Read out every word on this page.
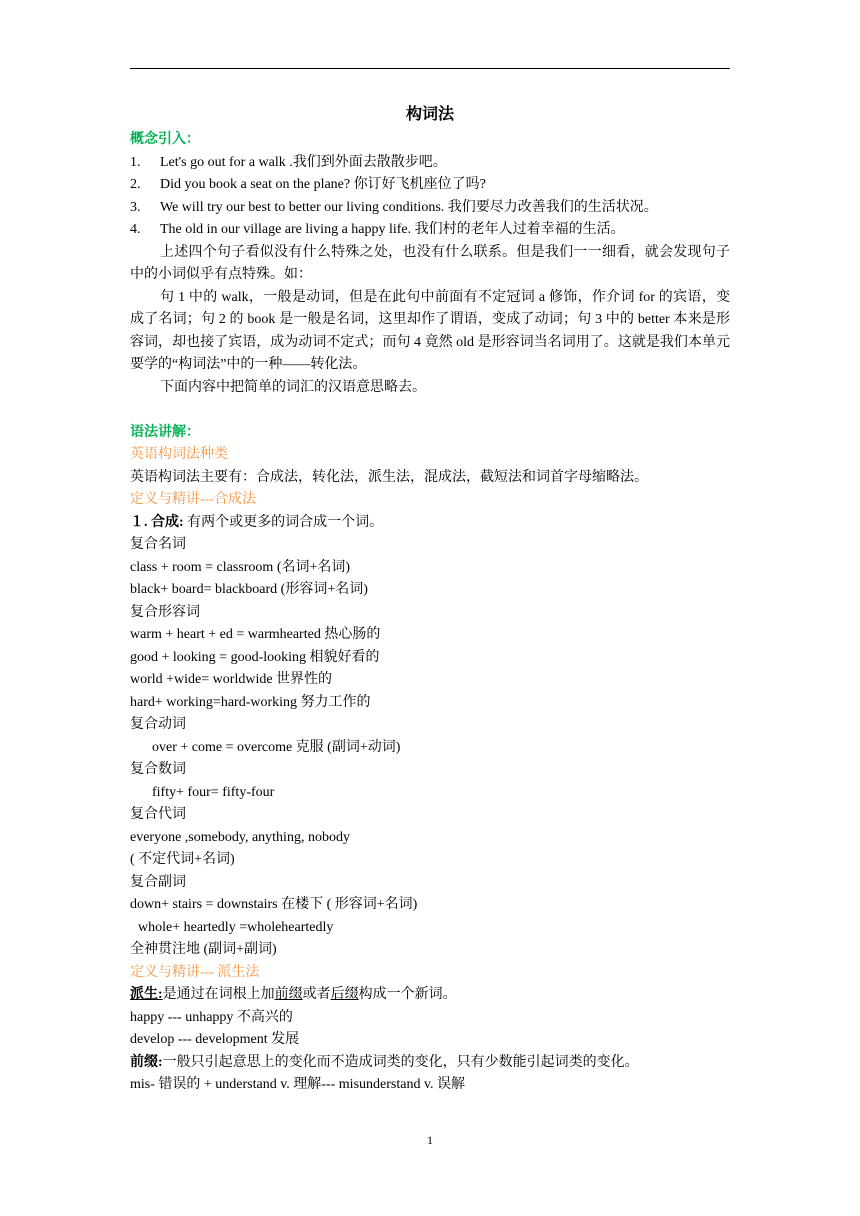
构词法

概念引入：

1. Let's go out for a walk .我们到外面去散散步吧。

2. Did you book a seat on the plane? 你订好飞机座位了吗?

3. We will try our best to better our living conditions. 我们要尽力改善我们的生活状况。

4. The old in our village are living a happy life. 我们村的老年人过着幸福的生活。

上述四个句子看似没有什么特殊之处，也没有什么联系。但是我们一一细看，就会发现句子中的小词似乎有点特殊。如：

句 1 中的 walk，一般是动词，但是在此句中前面有不定冠词 a 修饰，作介词 for 的宾语，变成了名词；句 2 的 book 是一般是名词，这里却作了谓语，变成了动词；句 3 中的 better 本来是形容词，却也接了宾语，成为动词不定式；而句 4 竟然 old 是形容词当名词用了。这就是我们本单元要学的“构词法”中的一种——转化法。

下面内容中把简单的词汇的汉语意思略去。

语法讲解：

英语构词法种类

英语构词法主要有：合成法，转化法，派生法，混成法，截短法和词首字母缩略法。

定义与精讲---合成法

１. 合成: 有两个或更多的词合成一个词。

复合名词

class + room = classroom (名词+名词)

black+ board= blackboard (形容词+名词)

复合形容词

warm + heart + ed = warmhearted 热心肠的

good + looking = good-looking 相貌好看的

world +wide= worldwide 世界性的

hard+ working=hard-working 努力工作的

复合动词

over + come = overcome 克服 (副词+动词)

复合数词

fifty+ four= fifty-four

复合代词

everyone ,somebody, anything, nobody

( 不定代词+名词)

复合副词

down+ stairs = downstairs 在楼下 ( 形容词+名词)

whole+ heartedly =wholeheartedly

全神贯注地 (副词+副词)

定义与精讲--- 派生法

派生:是通过在词根上加前缀或者后缀构成一个新词。

happy --- unhappy 不高兴的

develop --- development 发展

前缀:一般只引起意思上的变化而不造成词类的变化，只有少数能引起词类的变化。

mis- 错误的 + understand v. 理解--- misunderstand v. 误解

1
